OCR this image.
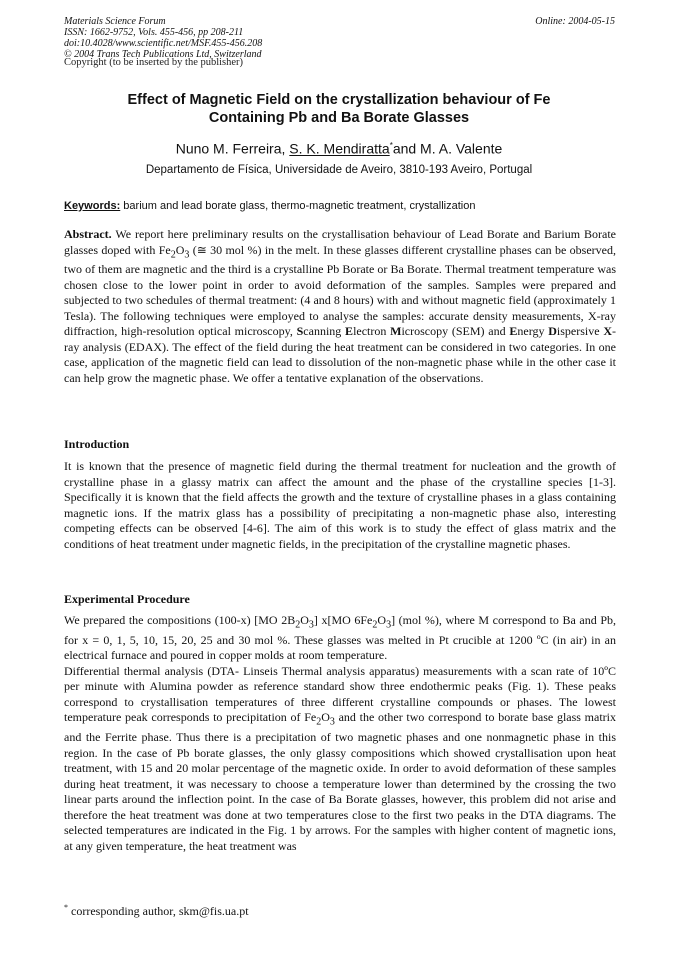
Materials Science Forum
ISSN: 1662-9752, Vols. 455-456, pp 208-211
doi:10.4028/www.scientific.net/MSF.455-456.208
© 2004 Trans Tech Publications Ltd, Switzerland
Online: 2004-05-15
Copyright (to be inserted by the publisher)
Effect of Magnetic Field on the crystallization behaviour of Fe
Containing Pb and Ba Borate Glasses
Nuno M. Ferreira, S. K. Mendiratta*and M. A. Valente
Departamento de Física, Universidade de Aveiro, 3810-193 Aveiro, Portugal
Keywords: barium and lead borate glass, thermo-magnetic treatment, crystallization
Abstract. We report here preliminary results on the crystallisation behaviour of Lead Borate and Barium Borate glasses doped with $Fe_2O_3$ (≅ 30 mol %) in the melt. In these glasses different crystalline phases can be observed, two of them are magnetic and the third is a crystalline Pb Borate or Ba Borate. Thermal treatment temperature was chosen close to the lower point in order to avoid deformation of the samples. Samples were prepared and subjected to two schedules of thermal treatment: (4 and 8 hours) with and without magnetic field (approximately 1 Tesla). The following techniques were employed to analyse the samples: accurate density measurements, X-ray diffraction, high-resolution optical microscopy, Scanning Electron Microscopy (SEM) and Energy Dispersive X-ray analysis (EDAX). The effect of the field during the heat treatment can be considered in two categories. In one case, application of the magnetic field can lead to dissolution of the non-magnetic phase while in the other case it can help grow the magnetic phase. We offer a tentative explanation of the observations.
Introduction
It is known that the presence of magnetic field during the thermal treatment for nucleation and the growth of crystalline phase in a glassy matrix can affect the amount and the phase of the crystalline species [1-3]. Specifically it is known that the field affects the growth and the texture of crystalline phases in a glass containing magnetic ions. If the matrix glass has a possibility of precipitating a non-magnetic phase also, interesting competing effects can be observed [4-6]. The aim of this work is to study the effect of glass matrix and the conditions of heat treatment under magnetic fields, in the precipitation of the crystalline magnetic phases.
Experimental Procedure

We prepared the compositions (100-x) [MO $2B_2O_3$] x[MO $6Fe_2O_3$] (mol %), where M correspond to Ba and Pb, for x = 0, 1, 5, 10, 15, 20, 25 and 30 mol %. These glasses was melted in Pt crucible at 1200 ºC (in air) in an electrical furnace and poured in copper molds at room temperature.

Differential thermal analysis (DTA- Linseis Thermal analysis apparatus) measurements with a scan rate of 10ºC per minute with Alumina powder as reference standard show three endothermic peaks (Fig. 1). These peaks correspond to crystallisation temperatures of three different crystalline compounds or phases. The lowest temperature peak corresponds to precipitation of $Fe_2O_3$ and the other two correspond to borate base glass matrix and the Ferrite phase. Thus there is a precipitation of two magnetic phases and one nonmagnetic phase in this region. In the case of Pb borate glasses, the only glassy compositions which showed crystallisation upon heat treatment, with 15 and 20 molar percentage of the magnetic oxide. In order to avoid deformation of these samples during heat treatment, it was necessary to choose a temperature lower than determined by the crossing the two linear parts around the inflection point. In the case of Ba Borate glasses, however, this problem did not arise and therefore the heat treatment was done at two temperatures close to the first two peaks in the DTA diagrams. The selected temperatures are indicated in the Fig. 1 by arrows. For the samples with higher content of magnetic ions, at any given temperature, the heat treatment was

* corresponding author, skm@fis.ua.pt
